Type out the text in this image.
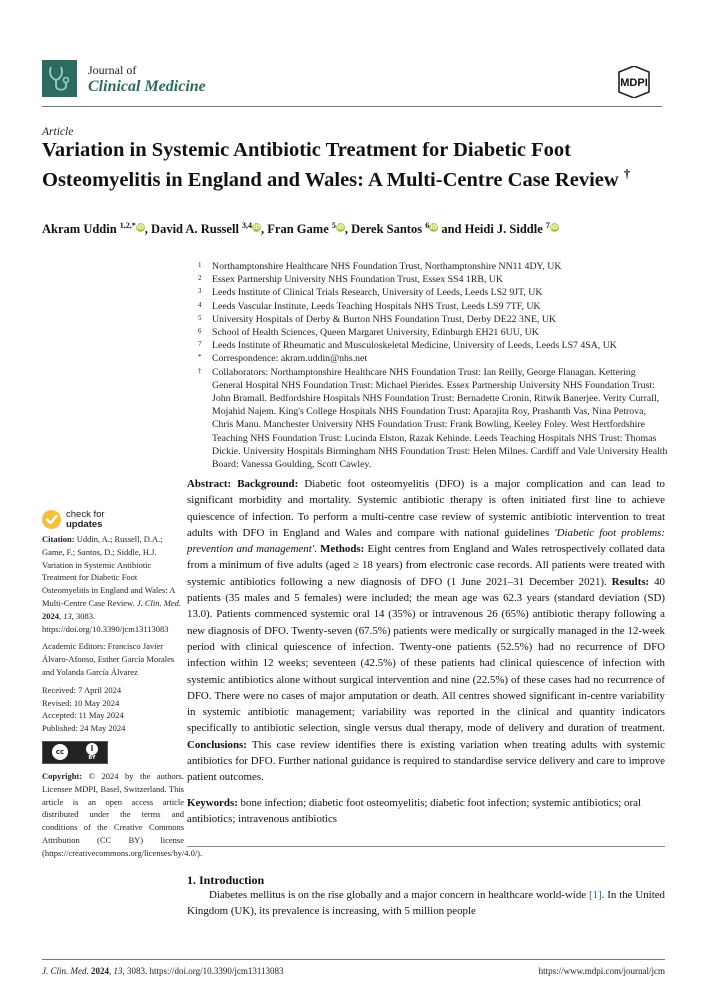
Journal of
Clinical Medicine	MDPI
Article
Variation in Systemic Antibiotic Treatment for Diabetic Foot Osteomyelitis in England and Wales: A Multi-Centre Case Review †
Akram Uddin $^{1,2,*}$iD, David A. Russell $^{3,4}$iD, Fran Game $^5$iD, Derek Santos $^6$iD and Heidi J. Siddle $^7$iD
1	Northamptonshire Healthcare NHS Foundation Trust, Northamptonshire NN11 4DY, UK
2	Essex Partnership University NHS Foundation Trust, Essex SS4 1RB, UK
3	Leeds Institute of Clinical Trials Research, University of Leeds, Leeds LS2 9JT, UK
4	Leeds Vascular Institute, Leeds Teaching Hospitals NHS Trust, Leeds LS9 7TF, UK
5	University Hospitals of Derby & Burton NHS Foundation Trust, Derby DE22 3NE, UK
6	School of Health Sciences, Queen Margaret University, Edinburgh EH21 6UU, UK
7	Leeds Institute of Rheumatic and Musculoskeletal Medicine, University of Leeds, Leeds LS7 4SA, UK
*	Correspondence: akram.uddin@nhs.net
†	Collaborators: Northamptonshire Healthcare NHS Foundation Trust: Ian Reilly, George Flanagan. Kettering General Hospital NHS Foundation Trust: Michael Pierides. Essex Partnership University NHS Foundation Trust: John Bramall. Bedfordshire Hospitals NHS Foundation Trust: Bernadette Cronin, Ritwik Banerjee. Verity Currall, Mojahid Najem. King's College Hospitals NHS Foundation Trust: Aparajita Roy, Prashanth Vas, Nina Petrova, Chris Manu. Manchester University NHS Foundation Trust: Frank Bowling, Keeley Foley. West Hertfordshire Teaching NHS Foundation Trust: Lucinda Elston, Razak Kehinde. Leeds Teaching Hospitals NHS Trust: Thomas Dickie. University Hospitals Birmingham NHS Foundation Trust: Helen Milnes. Cardiff and Vale University Health Board: Vanessa Goulding, Scott Cawley.
Abstract: Background: Diabetic foot osteomyelitis (DFO) is a major complication and can lead to significant morbidity and mortality. Systemic antibiotic therapy is often initiated first line to achieve quiescence of infection. To perform a multi-centre case review of systemic antibiotic intervention to treat adults with DFO in England and Wales and compare with national guidelines 'Diabetic foot problems: prevention and management'. Methods: Eight centres from England and Wales retrospectively collated data from a minimum of five adults (aged ≥ 18 years) from electronic case records. All patients were treated with systemic antibiotics following a new diagnosis of DFO (1 June 2021–31 December 2021). Results: 40 patients (35 males and 5 females) were included; the mean age was 62.3 years (standard deviation (SD) 13.0). Patients commenced systemic oral 14 (35%) or intravenous 26 (65%) antibiotic therapy following a new diagnosis of DFO. Twenty-seven (67.5%) patients were medically or surgically managed in the 12-week period with clinical quiescence of infection. Twenty-one patients (52.5%) had no recurrence of DFO infection within 12 weeks; seventeen (42.5%) of these patients had clinical quiescence of infection with systemic antibiotics alone without surgical intervention and nine (22.5%) of these cases had no recurrence of DFO. There were no cases of major amputation or death. All centres showed significant in-centre variability in systemic antibiotic management; variability was reported in the clinical and quantity indicators specifically to antibiotic selection, single versus dual therapy, mode of delivery and duration of treatment. Conclusions: This case review identifies there is existing variation when treating adults with systemic antibiotics for DFO. Further national guidance is required to standardise service delivery and care to improve patient outcomes.
Keywords: bone infection; diabetic foot osteomyelitis; diabetic foot infection; systemic antibiotics; oral antibiotics; intravenous antibiotics
1. Introduction
Diabetes mellitus is on the rise globally and a major concern in healthcare world-wide [1]. In the United Kingdom (UK), its prevalence is increasing, with 5 million people
check for
updates

Citation: Uddin, A.; Russell, D.A.; Game, F.; Santos, D.; Siddle, H.J. Variation in Systemic Antibiotic Treatment for Diabetic Foot Osteomyelitis in England and Wales: A Multi-Centre Case Review. J. Clin. Med. 2024, 13, 3083. https://doi.org/10.3390/jcm13113083

Academic Editors: Francisco Javier Álvaro-Afonso, Esther García Morales and Yolanda García Álvarez

Received: 7 April 2024
Revised: 10 May 2024
Accepted: 11 May 2024
Published: 24 May 2024
cc	i
BY

Copyright: © 2024 by the authors. Licensee MDPI, Basel, Switzerland. This article is an open access article distributed under the terms and conditions of the Creative Commons Attribution (CC BY) license (https://creativecommons.org/licenses/by/4.0/).

J. Clin. Med. 2024, 13, 3083. https://doi.org/10.3390/jcm13113083	https://www.mdpi.com/journal/jcm
